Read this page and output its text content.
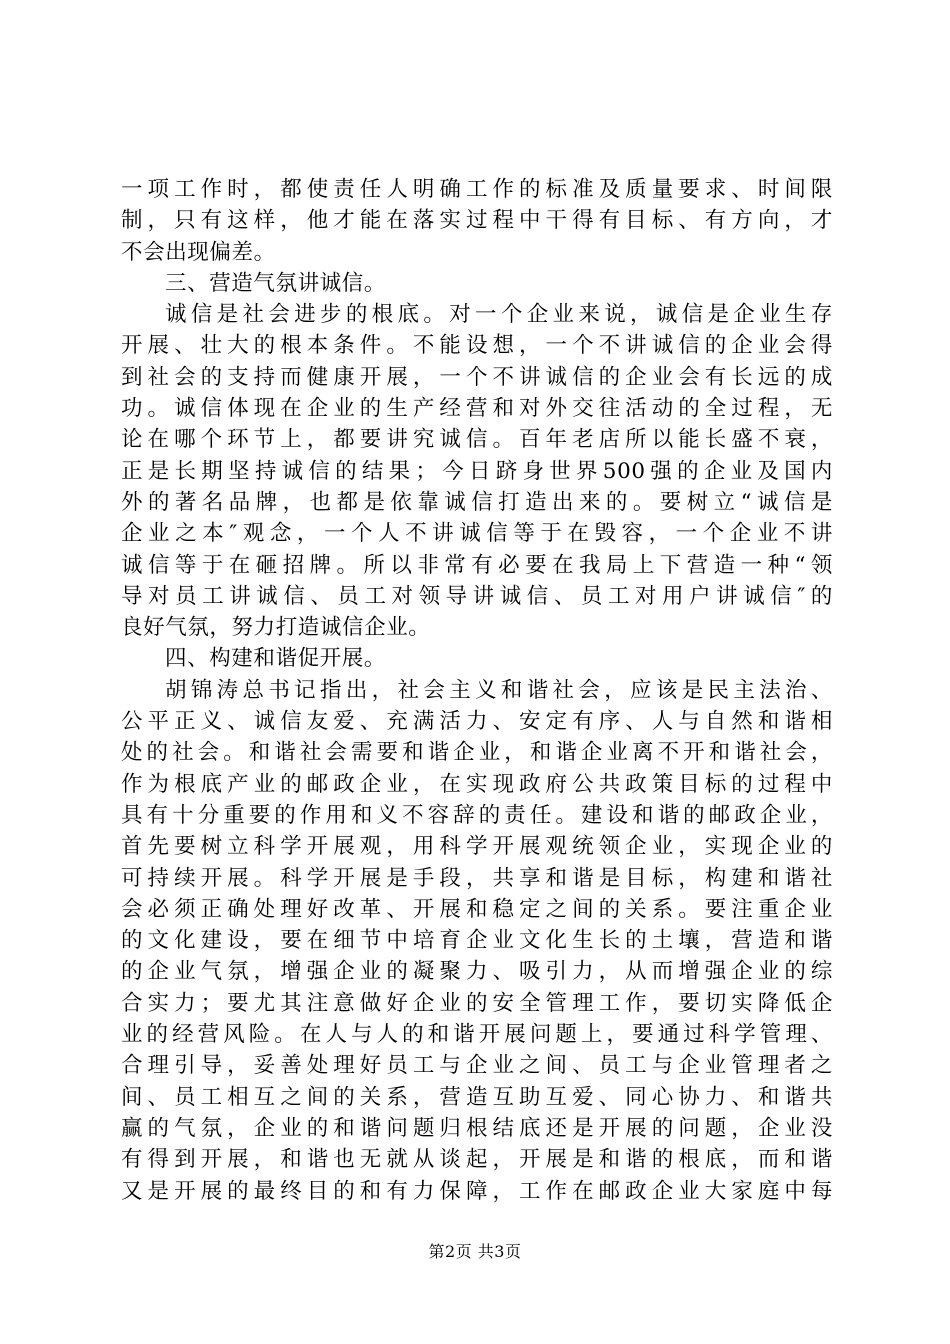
一项工作时，都使责任人明确工作的标准及质量要求、时间限
制，只有这样，他才能在落实过程中干得有目标、有方向，才
不会出现偏差。
三、营造气氛讲诚信。
诚信是社会进步的根底。对一个企业来说，诚信是企业生存
开展、壮大的根本条件。不能设想，一个不讲诚信的企业会得
到社会的支持而健康开展，一个不讲诚信的企业会有长远的成
功。诚信体现在企业的生产经营和对外交往活动的全过程，无
论在哪个环节上，都要讲究诚信。百年老店所以能长盛不衰，
正是长期坚持诚信的结果；今日跻身世界500强的企业及国内
外的著名品牌，也都是依靠诚信打造出来的。要树立“诚信是
企业之本″观念，一个人不讲诚信等于在毁容，一个企业不讲
诚信等于在砸招牌。所以非常有必要在我局上下营造一种“领
导对员工讲诚信、员工对领导讲诚信、员工对用户讲诚信″的
良好气氛，努力打造诚信企业。
四、构建和谐促开展。
胡锦涛总书记指出，社会主义和谐社会，应该是民主法治、
公平正义、诚信友爱、充满活力、安定有序、人与自然和谐相
处的社会。和谐社会需要和谐企业，和谐企业离不开和谐社会，
作为根底产业的邮政企业，在实现政府公共政策目标的过程中
具有十分重要的作用和义不容辞的责任。建设和谐的邮政企业，
首先要树立科学开展观，用科学开展观统领企业，实现企业的
可持续开展。科学开展是手段，共享和谐是目标，构建和谐社
会必须正确处理好改革、开展和稳定之间的关系。要注重企业
的文化建设，要在细节中培育企业文化生长的土壤，营造和谐
的企业气氛，增强企业的凝聚力、吸引力，从而增强企业的综
合实力；要尤其注意做好企业的安全管理工作，要切实降低企
业的经营风险。在人与人的和谐开展问题上，要通过科学管理、
合理引导，妥善处理好员工与企业之间、员工与企业管理者之
间、员工相互之间的关系，营造互助互爱、同心协力、和谐共
赢的气氛，企业的和谐问题归根结底还是开展的问题，企业没
有得到开展，和谐也无就从谈起，开展是和谐的根底，而和谐
又是开展的最终目的和有力保障，工作在邮政企业大家庭中每
第2页 共3页
